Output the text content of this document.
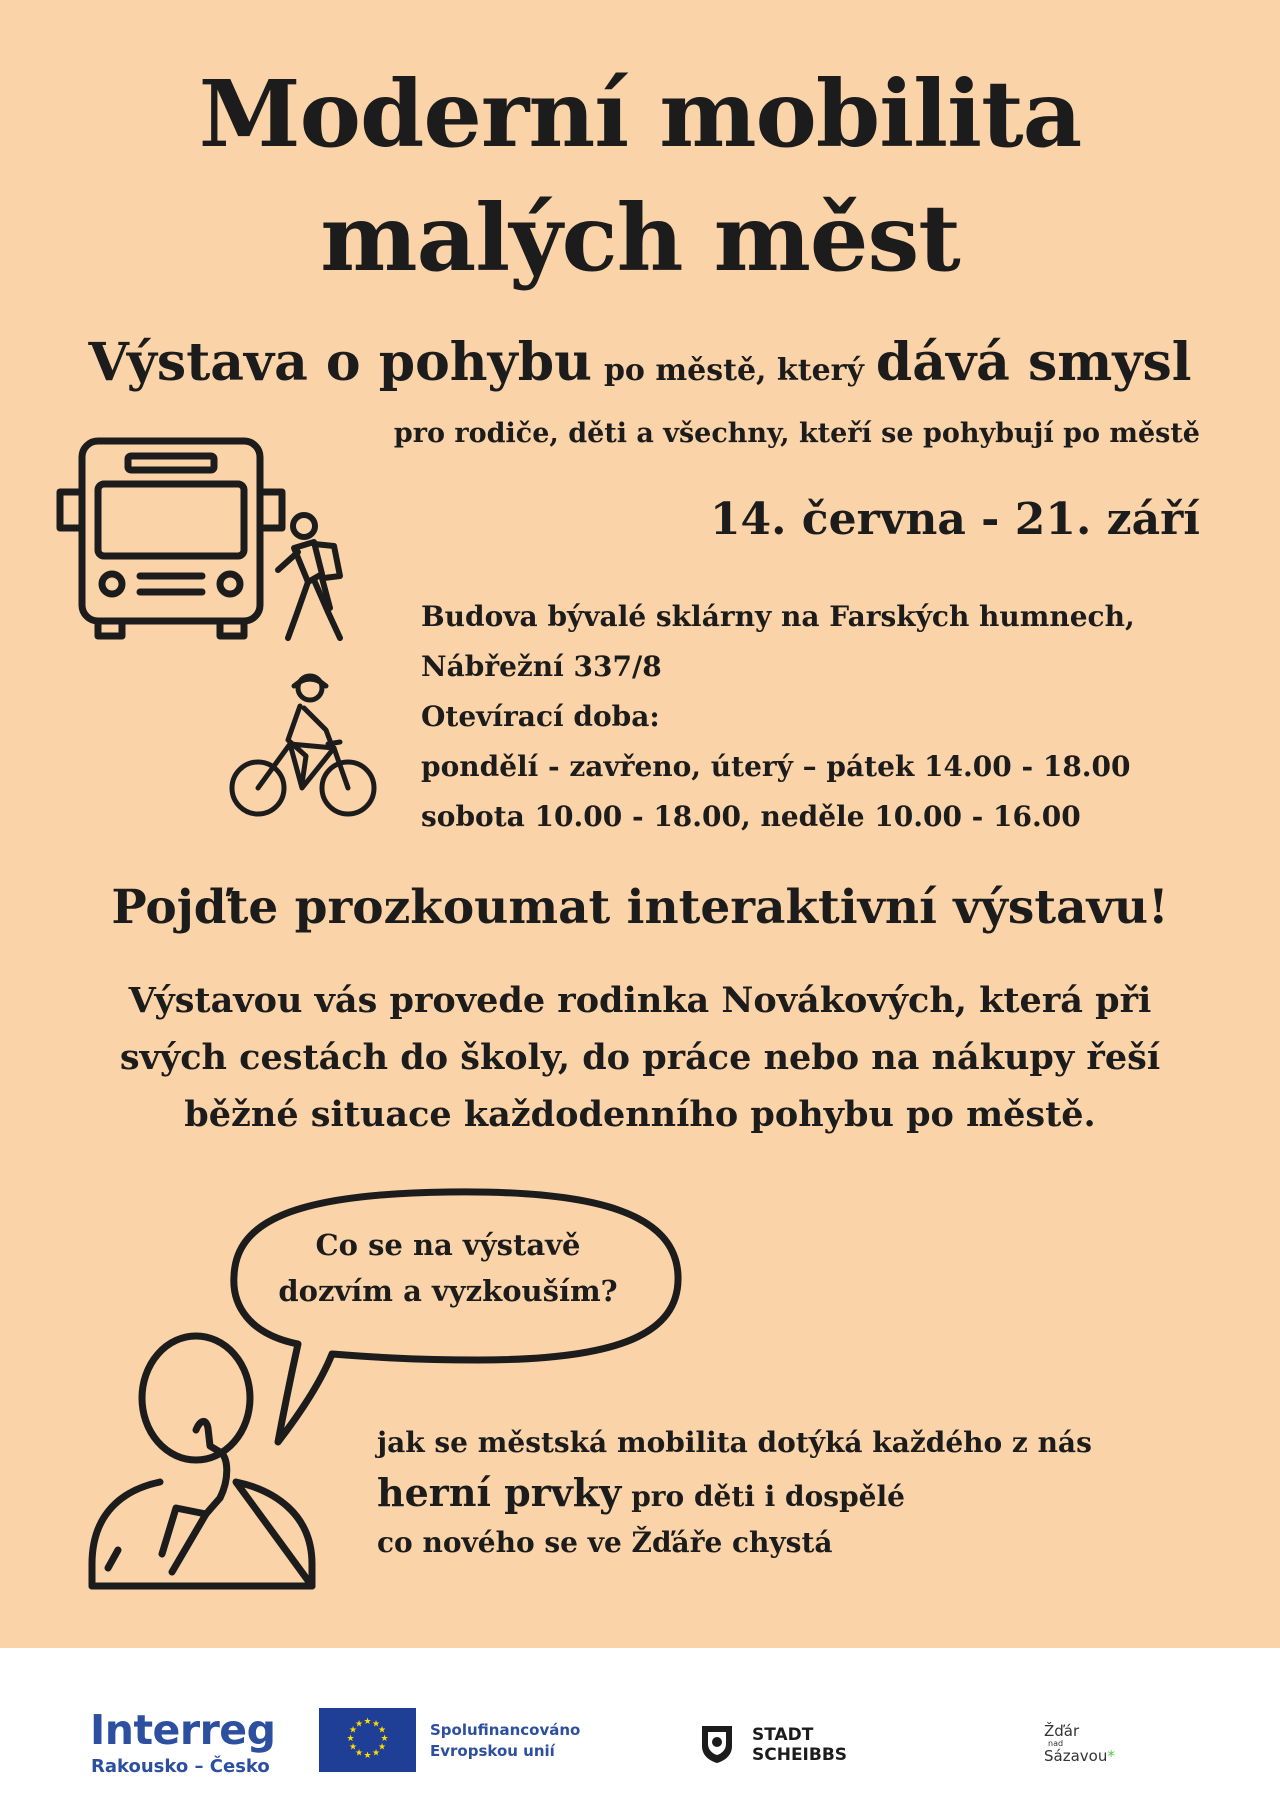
Moderní mobilita
malých měst
Výstava o pohybu po městě, který dává smysl
pro rodiče, děti a všechny, kteří se pohybují po městě
14. června - 21. září
Budova bývalé sklárny na Farských humnech,
Nábřežní 337/8
Otevírací doba:
pondělí - zavřeno, úterý – pátek 14.00 - 18.00
sobota 10.00 - 18.00, neděle 10.00 - 16.00
Pojďte prozkoumat interaktivní výstavu!
Výstavou vás provede rodinka Novákových, která při
svých cestách do školy, do práce nebo na nákupy řeší
běžné situace každodenního pohybu po městě.
Co se na výstavě
dozvím a vyzkouším?
jak se městská mobilita dotýká každého z nás
herní prvky pro děti i dospělé
co nového se ve Žďáře chystá
Interreg
Rakousko – Česko
★ ★
★
★
★
★
★
★
★
★
★
★	Spolufinancováno
Evropskou unií
STADT
SCHEIBBS
Žďár
nad
Sázavou*
